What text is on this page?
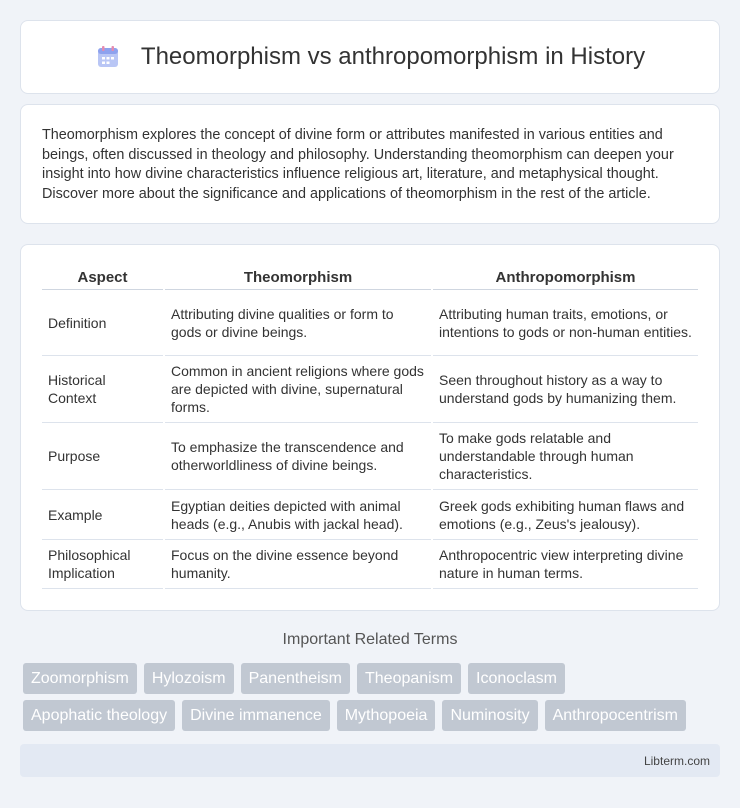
Theomorphism vs anthropomorphism in History

Theomorphism explores the concept of divine form or attributes manifested in various entities and beings, often discussed in theology and philosophy. Understanding theomorphism can deepen your insight into how divine characteristics influence religious art, literature, and metaphysical thought. Discover more about the significance and applications of theomorphism in the rest of the article.

Aspect		Theomorphism		Anthropomorphism
Definition		Attributing divine qualities or form to gods or divine beings.		Attributing human traits, emotions, or intentions to gods or non-human entities.
Historical Context		Common in ancient religions where gods are depicted with divine, supernatural forms.		Seen throughout history as a way to understand gods by humanizing them.
Purpose		To emphasize the transcendence and otherworldliness of divine beings.		To make gods relatable and understandable through human characteristics.
Example		Egyptian deities depicted with animal heads (e.g., Anubis with jackal head).		Greek gods exhibiting human flaws and emotions (e.g., Zeus's jealousy).
Philosophical Implication		Focus on the divine essence beyond humanity.		Anthropocentric view interpreting divine nature in human terms.
Important Related Terms
Zoomorphism	Hylozoism	Panentheism	Theopanism	Iconoclasm
Apophatic theology	Divine immanence	Mythopoeia	Numinosity	Anthropocentrism
Libterm.com
